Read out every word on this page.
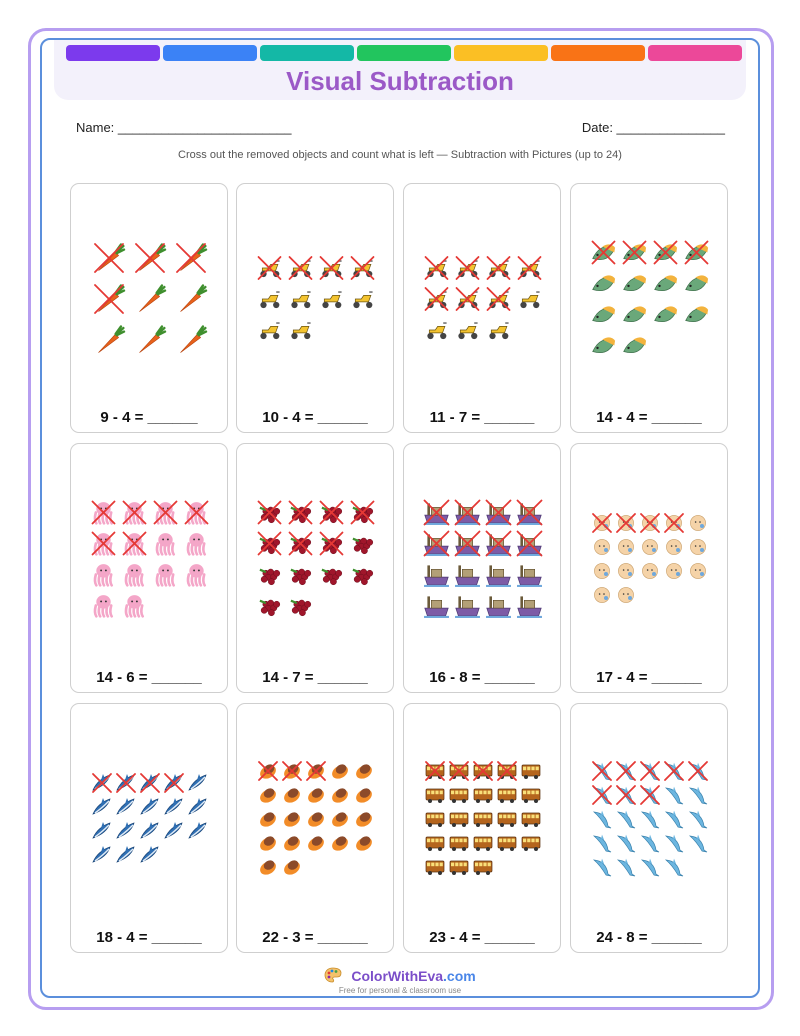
Visual Subtraction
Name: ________________________	Date: _______________
Cross out the removed objects and count what is left — Subtraction with Pictures (up to 24)
9 - 4 = ______	10 - 4 = ______	11 - 7 = ______	14 - 4 = ______
14 - 6 = ______	14 - 7 = ______	16 - 8 = ______	17 - 4 = ______
18 - 4 = ______	22 - 3 = ______	23 - 4 = ______	24 - 8 = ______
ColorWithEva.com
Free for personal & classroom use
